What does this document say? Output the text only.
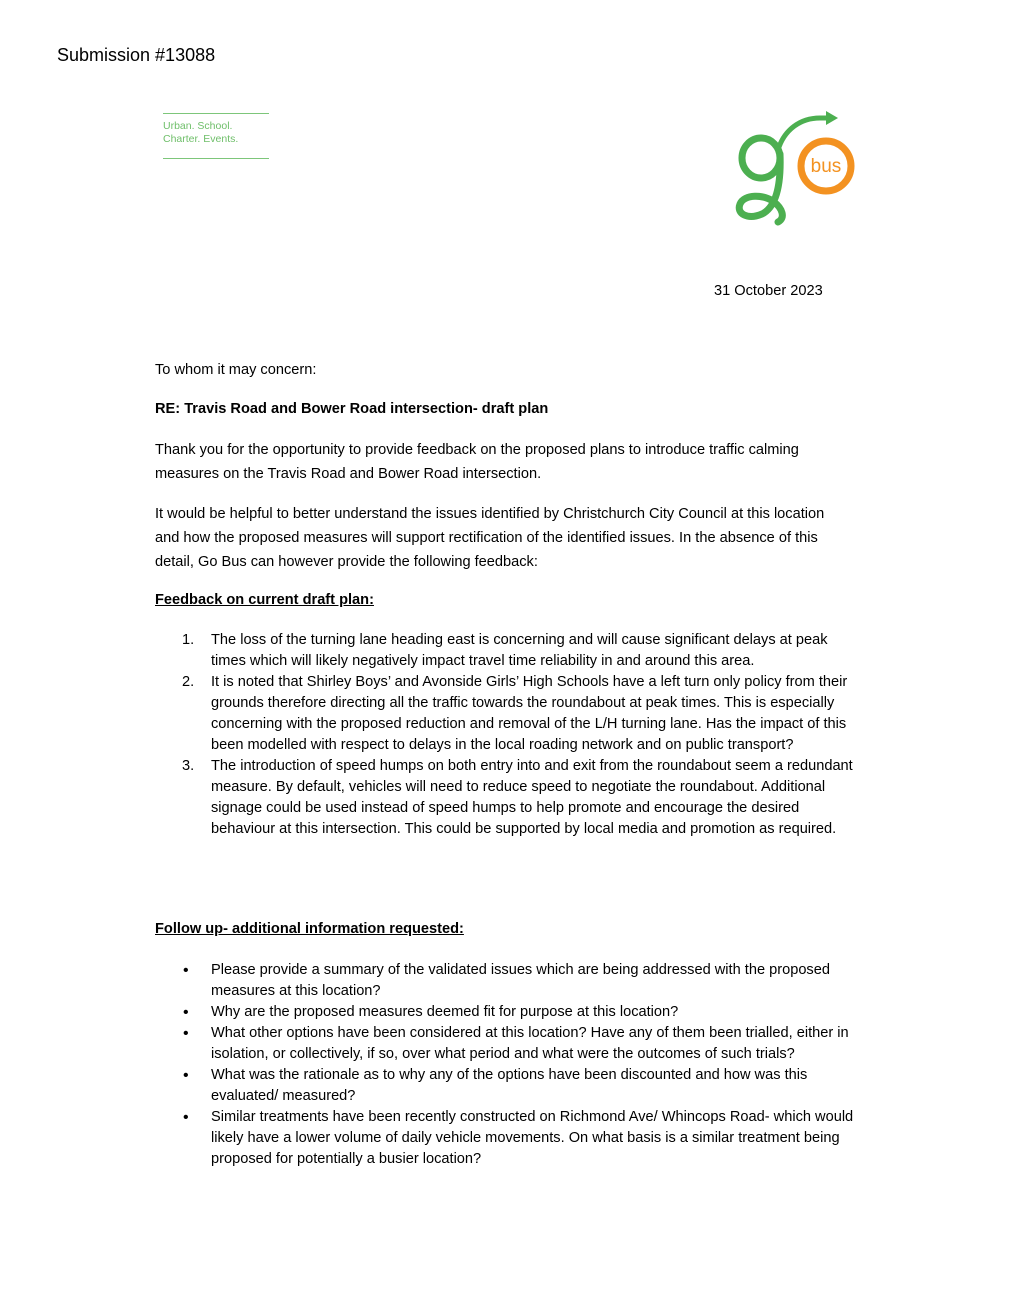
Submission #13088
Urban. School.
Charter. Events.
bus
31 October 2023
To whom it may concern:
RE: Travis Road and Bower Road intersection- draft plan
Thank you for the opportunity to provide feedback on the proposed plans to introduce traffic calming measures on the Travis Road and Bower Road intersection.
It would be helpful to better understand the issues identified by Christchurch City Council at this location and how the proposed measures will support rectification of the identified issues. In the absence of this detail, Go Bus can however provide the following feedback:
Feedback on current draft plan:
1. The loss of the turning lane heading east is concerning and will cause significant delays at peak times which will likely negatively impact travel time reliability in and around this area.
2. It is noted that Shirley Boys’ and Avonside Girls’ High Schools have a left turn only policy from their grounds therefore directing all the traffic towards the roundabout at peak times. This is especially concerning with the proposed reduction and removal of the L/H turning lane. Has the impact of this been modelled with respect to delays in the local roading network and on public transport?
3. The introduction of speed humps on both entry into and exit from the roundabout seem a redundant measure. By default, vehicles will need to reduce speed to negotiate the roundabout. Additional signage could be used instead of speed humps to help promote and encourage the desired behaviour at this intersection. This could be supported by local media and promotion as required.
Follow up- additional information requested:
• Please provide a summary of the validated issues which are being addressed with the proposed measures at this location?
• Why are the proposed measures deemed fit for purpose at this location?
• What other options have been considered at this location? Have any of them been trialled, either in isolation, or collectively, if so, over what period and what were the outcomes of such trials?
• What was the rationale as to why any of the options have been discounted and how was this evaluated/ measured?
• Similar treatments have been recently constructed on Richmond Ave/ Whincops Road- which would likely have a lower volume of daily vehicle movements. On what basis is a similar treatment being proposed for potentially a busier location?
